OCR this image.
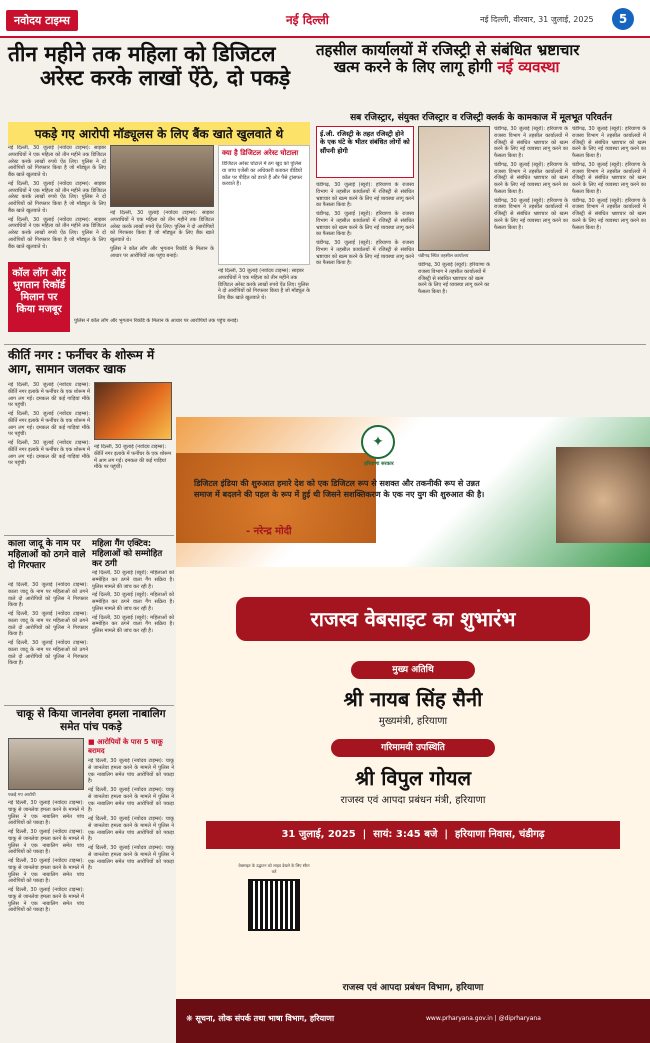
नवोदय टाइम्स	नई दिल्ली	नई दिल्ली, वीरवार, 31 जुलाई, 2025	5
तीन महीने तक महिला को डिजिटल
अरेस्ट करके लाखों ऐंठे, दो पकड़े
पकड़े गए आरोपी मॉड्यूलस के लिए बैंक खाते खुलवाते थे

नई दिल्ली, 30 जुलाई (नवोदय टाइम्स): साइबर अपराधियों ने एक महिला को तीन महीने तक डिजिटल अरेस्ट करके लाखों रुपये ऐंठ लिए। पुलिस ने दो आरोपियों को गिरफ्तार किया है जो मॉड्यूल के लिए बैंक खाते खुलवाते थे।

नई दिल्ली, 30 जुलाई (नवोदय टाइम्स): साइबर अपराधियों ने एक महिला को तीन महीने तक डिजिटल अरेस्ट करके लाखों रुपये ऐंठ लिए। पुलिस ने दो आरोपियों को गिरफ्तार किया है जो मॉड्यूल के लिए बैंक खाते खुलवाते थे।

नई दिल्ली, 30 जुलाई (नवोदय टाइम्स): साइबर अपराधियों ने एक महिला को तीन महीने तक डिजिटल अरेस्ट करके लाखों रुपये ऐंठ लिए। पुलिस ने दो आरोपियों को गिरफ्तार किया है जो मॉड्यूल के लिए बैंक खाते खुलवाते थे।

नई दिल्ली, 30 जुलाई (नवोदय टाइम्स): साइबर अपराधियों ने एक महिला को तीन महीने तक डिजिटल अरेस्ट करके लाखों रुपये ऐंठ लिए। पुलिस ने दो आरोपियों को गिरफ्तार किया है जो मॉड्यूल के लिए बैंक खाते खुलवाते थे।

पुलिस ने कॉल लॉग और भुगतान रिकॉर्ड के मिलान के आधार पर आरोपियों तक पहुंच बनाई।

क्या है डिजिटल अरेस्ट घोटाला
डिजिटल अरेस्ट घोटाले में ठग खुद को पुलिस या जांच एजेंसी का अधिकारी बताकर वीडियो कॉल पर पीड़ित को डराते हैं और पैसे ट्रांसफर करवाते हैं।
नई दिल्ली, 30 जुलाई (नवोदय टाइम्स): साइबर अपराधियों ने एक महिला को तीन महीने तक डिजिटल अरेस्ट करके लाखों रुपये ऐंठ लिए। पुलिस ने दो आरोपियों को गिरफ्तार किया है जो मॉड्यूल के लिए बैंक खाते खुलवाते थे।
कॉल लॉग और भुगतान रिकॉर्ड मिलान पर किया मजबूर
पुलिस ने कॉल लॉग और भुगतान रिकॉर्ड के मिलान के आधार पर आरोपियों तक पहुंच बनाई।
तहसील कार्यालयों में रजिस्ट्री से संबंधित भ्रष्टाचार
खत्म करने के लिए लागू होगी नई व्यवस्था
सब रजिस्ट्रार, संयुक्त रजिस्ट्रार व रजिस्ट्री क्लर्क के कामकाज में मूलभूत परिवर्तन
ई.जी. रजिस्ट्री के तहत रजिस्ट्री होने के एक घंटे के भीतर संबंधित लोगों को सौंपनी होगी
चंडीगढ़ स्थित तहसील कार्यालय

चंडीगढ़, 30 जुलाई (ब्यूरो): हरियाणा के राजस्व विभाग ने तहसील कार्यालयों में रजिस्ट्री से संबंधित भ्रष्टाचार को खत्म करने के लिए नई व्यवस्था लागू करने का फैसला किया है।

चंडीगढ़, 30 जुलाई (ब्यूरो): हरियाणा के राजस्व विभाग ने तहसील कार्यालयों में रजिस्ट्री से संबंधित भ्रष्टाचार को खत्म करने के लिए नई व्यवस्था लागू करने का फैसला किया है।

चंडीगढ़, 30 जुलाई (ब्यूरो): हरियाणा के राजस्व विभाग ने तहसील कार्यालयों में रजिस्ट्री से संबंधित भ्रष्टाचार को खत्म करने के लिए नई व्यवस्था लागू करने का फैसला किया है।	चंडीगढ़, 30 जुलाई (ब्यूरो): हरियाणा के राजस्व विभाग ने तहसील कार्यालयों में रजिस्ट्री से संबंधित भ्रष्टाचार को खत्म करने के लिए नई व्यवस्था लागू करने का फैसला किया है।

चंडीगढ़, 30 जुलाई (ब्यूरो): हरियाणा के राजस्व विभाग ने तहसील कार्यालयों में रजिस्ट्री से संबंधित भ्रष्टाचार को खत्म करने के लिए नई व्यवस्था लागू करने का फैसला किया है।

चंडीगढ़, 30 जुलाई (ब्यूरो): हरियाणा के राजस्व विभाग ने तहसील कार्यालयों में रजिस्ट्री से संबंधित भ्रष्टाचार को खत्म करने के लिए नई व्यवस्था लागू करने का फैसला किया है।

चंडीगढ़, 30 जुलाई (ब्यूरो): हरियाणा के राजस्व विभाग ने तहसील कार्यालयों में रजिस्ट्री से संबंधित भ्रष्टाचार को खत्म करने के लिए नई व्यवस्था लागू करने का फैसला किया है।

चंडीगढ़, 30 जुलाई (ब्यूरो): हरियाणा के राजस्व विभाग ने तहसील कार्यालयों में रजिस्ट्री से संबंधित भ्रष्टाचार को खत्म करने के लिए नई व्यवस्था लागू करने का फैसला किया है।

चंडीगढ़, 30 जुलाई (ब्यूरो): हरियाणा के राजस्व विभाग ने तहसील कार्यालयों में रजिस्ट्री से संबंधित भ्रष्टाचार को खत्म करने के लिए नई व्यवस्था लागू करने का फैसला किया है।

चंडीगढ़, 30 जुलाई (ब्यूरो): हरियाणा के राजस्व विभाग ने तहसील कार्यालयों में रजिस्ट्री से संबंधित भ्रष्टाचार को खत्म करने के लिए नई व्यवस्था लागू करने का फैसला किया है।

कीर्ति नगर : फर्नीचर के शोरूम में आग, सामान जलकर खाक

नई दिल्ली, 30 जुलाई (नवोदय टाइम्स): कीर्ति नगर इलाके में फर्नीचर के एक शोरूम में आग लग गई। दमकल की कई गाड़ियां मौके पर पहुंचीं।

नई दिल्ली, 30 जुलाई (नवोदय टाइम्स): कीर्ति नगर इलाके में फर्नीचर के एक शोरूम में आग लग गई। दमकल की कई गाड़ियां मौके पर पहुंचीं।

नई दिल्ली, 30 जुलाई (नवोदय टाइम्स): कीर्ति नगर इलाके में फर्नीचर के एक शोरूम में आग लग गई। दमकल की कई गाड़ियां मौके पर पहुंचीं।

नई दिल्ली, 30 जुलाई (नवोदय टाइम्स): कीर्ति नगर इलाके में फर्नीचर के एक शोरूम में आग लग गई। दमकल की कई गाड़ियां मौके पर पहुंचीं।
काला जादू के नाम पर महिलाओं को ठगने वाले दो गिरफ्तार

नई दिल्ली, 30 जुलाई (नवोदय टाइम्स): काला जादू के नाम पर महिलाओं को ठगने वाले दो आरोपियों को पुलिस ने गिरफ्तार किया है।

नई दिल्ली, 30 जुलाई (नवोदय टाइम्स): काला जादू के नाम पर महिलाओं को ठगने वाले दो आरोपियों को पुलिस ने गिरफ्तार किया है।

नई दिल्ली, 30 जुलाई (नवोदय टाइम्स): काला जादू के नाम पर महिलाओं को ठगने वाले दो आरोपियों को पुलिस ने गिरफ्तार किया है।

महिला गैंग एक्टिव: महिलाओं को सम्मोहित कर ठगी

नई दिल्ली, 30 जुलाई (ब्यूरो): महिलाओं को सम्मोहित कर ठगने वाला गैंग सक्रिय है। पुलिस मामले की जांच कर रही है।

नई दिल्ली, 30 जुलाई (ब्यूरो): महिलाओं को सम्मोहित कर ठगने वाला गैंग सक्रिय है। पुलिस मामले की जांच कर रही है।

नई दिल्ली, 30 जुलाई (ब्यूरो): महिलाओं को सम्मोहित कर ठगने वाला गैंग सक्रिय है। पुलिस मामले की जांच कर रही है।

चाकू से किया जानलेवा हमला नाबालिग समेत पांच पकड़े
पकड़े गए आरोपी
■ आरोपियों के पास 5 चाकू बरामद

नई दिल्ली, 30 जुलाई (नवोदय टाइम्स): चाकू से जानलेवा हमला करने के मामले में पुलिस ने एक नाबालिग समेत पांच आरोपियों को पकड़ा है।

नई दिल्ली, 30 जुलाई (नवोदय टाइम्स): चाकू से जानलेवा हमला करने के मामले में पुलिस ने एक नाबालिग समेत पांच आरोपियों को पकड़ा है।

नई दिल्ली, 30 जुलाई (नवोदय टाइम्स): चाकू से जानलेवा हमला करने के मामले में पुलिस ने एक नाबालिग समेत पांच आरोपियों को पकड़ा है।

नई दिल्ली, 30 जुलाई (नवोदय टाइम्स): चाकू से जानलेवा हमला करने के मामले में पुलिस ने एक नाबालिग समेत पांच आरोपियों को पकड़ा है।

नई दिल्ली, 30 जुलाई (नवोदय टाइम्स): चाकू से जानलेवा हमला करने के मामले में पुलिस ने एक नाबालिग समेत पांच आरोपियों को पकड़ा है।

नई दिल्ली, 30 जुलाई (नवोदय टाइम्स): चाकू से जानलेवा हमला करने के मामले में पुलिस ने एक नाबालिग समेत पांच आरोपियों को पकड़ा है।

नई दिल्ली, 30 जुलाई (नवोदय टाइम्स): चाकू से जानलेवा हमला करने के मामले में पुलिस ने एक नाबालिग समेत पांच आरोपियों को पकड़ा है।

नई दिल्ली, 30 जुलाई (नवोदय टाइम्स): चाकू से जानलेवा हमला करने के मामले में पुलिस ने एक नाबालिग समेत पांच आरोपियों को पकड़ा है।

✦
हरियाणा सरकार
डिजिटल इंडिया की शुरुआत हमारे देश को एक डिजिटल रूप से सशक्त और तकनीकी रूप से उन्नत समाज में बदलने की पहल के रूप में हुई थी जिसने सशक्तिकरण के एक नए युग की शुरुआत की है।
- नरेन्द्र मोदी
राजस्व वेबसाइट का शुभारंभ
मुख्य अतिथि
श्री नायब सिंह सैनी
मुख्यमंत्री, हरियाणा
गरिमामयी उपस्थिति
श्री विपुल गोयल
राजस्व एवं आपदा प्रबंधन मंत्री, हरियाणा
31 जुलाई, 2025  |  सायं: 3:45 बजे  |  हरियाणा निवास, चंडीगढ़
वेबसाइट के उद्घाटन को लाइव देखने के लिए स्कैन करें
राजस्व एवं आपदा प्रबंधन विभाग, हरियाणा
❋ सूचना, लोक संपर्क तथा भाषा विभाग, हरियाणा	www.prharyana.gov.in | @diprharyana
